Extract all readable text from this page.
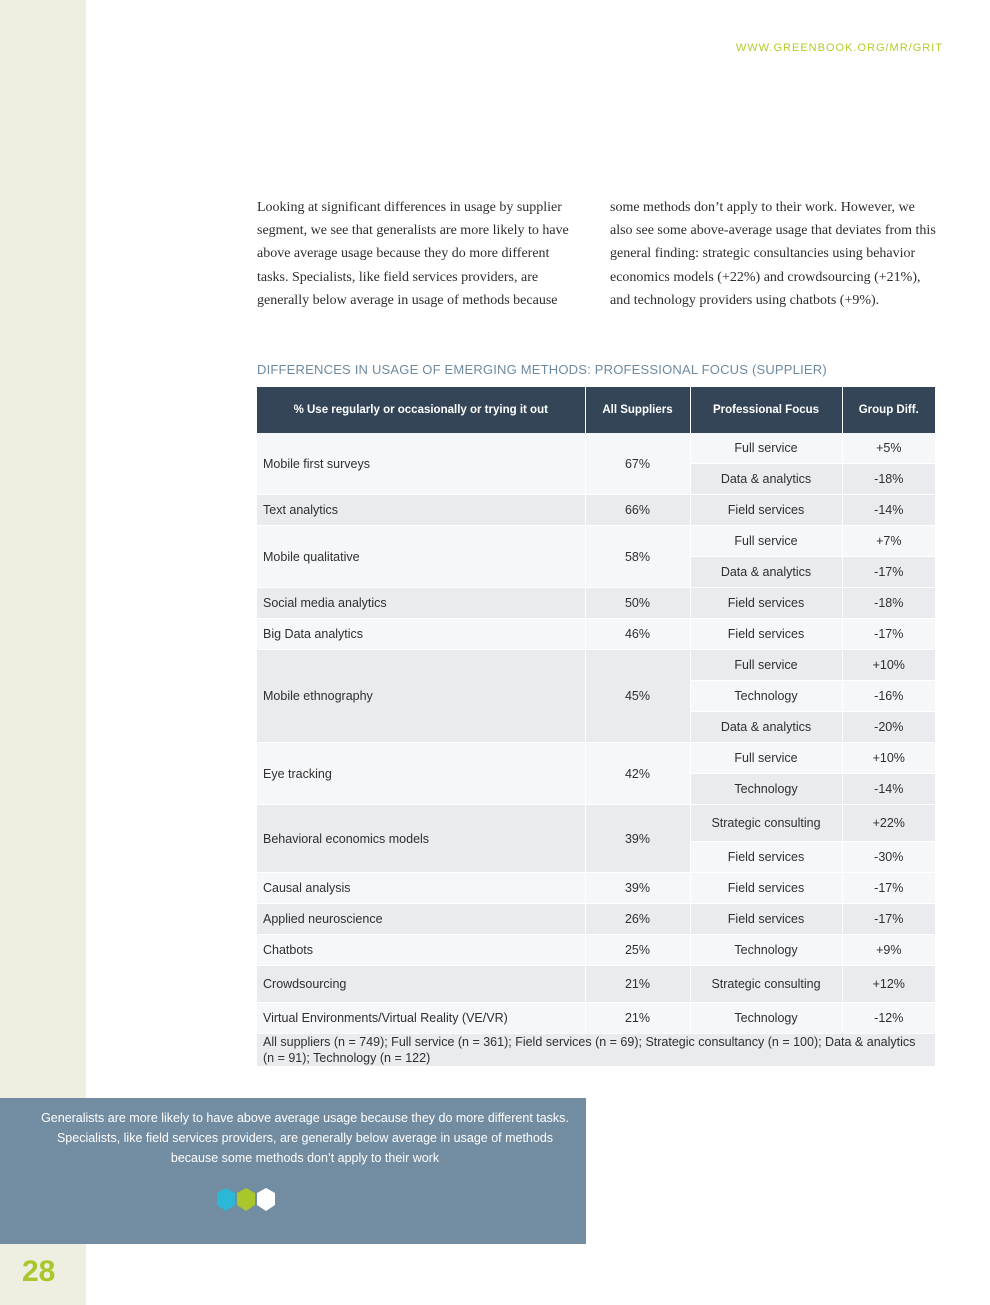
WWW.GREENBOOK.ORG/MR/GRIT
Looking at significant differences in usage by supplier segment, we see that generalists are more likely to have above average usage because they do more different tasks. Specialists, like field services providers, are generally below average in usage of methods because some methods don’t apply to their work. However, we also see some above-average usage that deviates from this general finding: strategic consultancies using behavior economics models (+22%) and crowdsourcing (+21%), and technology providers using chatbots (+9%).
DIFFERENCES IN USAGE OF EMERGING METHODS: PROFESSIONAL FOCUS (SUPPLIER)
% Use regularly or occasionally or trying it out	All Suppliers	Professional Focus	Group Diff.
Mobile first surveys	67%	Full service	+5%
		Data & analytics	-18%
Text analytics	66%	Field services	-14%
Mobile qualitative	58%	Full service	+7%
		Data & analytics	-17%
Social media analytics	50%	Field services	-18%
Big Data analytics	46%	Field services	-17%
Mobile ethnography	45%	Full service	+10%
		Technology	-16%
		Data & analytics	-20%
Eye tracking	42%	Full service	+10%
		Technology	-14%
Behavioral economics models	39%	Strategic consulting	+22%
		Field services	-30%
Causal analysis	39%	Field services	-17%
Applied neuroscience	26%	Field services	-17%
Chatbots	25%	Technology	+9%
Crowdsourcing	21%	Strategic consulting	+12%
Virtual Environments/Virtual Reality (VE/VR)	21%	Technology	-12%
All suppliers (n = 749); Full service (n = 361); Field services (n = 69); Strategic consultancy (n = 100); Data & analytics (n = 91); Technology (n = 122)			
Generalists are more likely to have above average usage because they do more different tasks. Specialists, like field services providers, are generally below average in usage of methods because some methods don’t apply to their work
28
